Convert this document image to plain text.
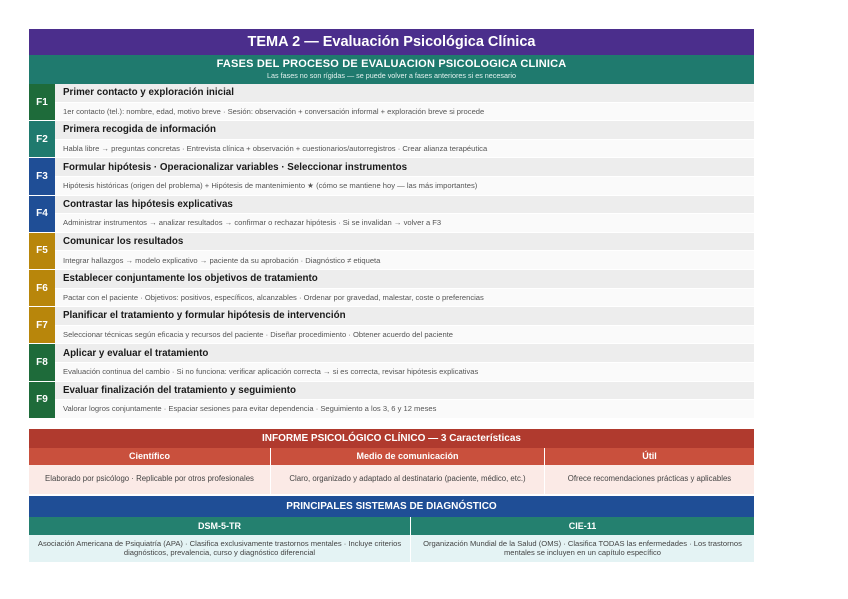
TEMA 2 — Evaluación Psicológica Clínica
FASES DEL PROCESO DE EVALUACION PSICOLOGICA CLINICA
Las fases no son rígidas — se puede volver a fases anteriores si es necesario
F1
Primer contacto y exploración inicial
1er contacto (tel.): nombre, edad, motivo breve · Sesión: observación + conversación informal + exploración breve si procede
F2
Primera recogida de información
Habla libre → preguntas concretas · Entrevista clínica + observación + cuestionarios/autorregistros · Crear alianza terapéutica
F3
Formular hipótesis · Operacionalizar variables · Seleccionar instrumentos
Hipótesis históricas (origen del problema) + Hipótesis de mantenimiento ★ (cómo se mantiene hoy — las más importantes)
F4
Contrastar las hipótesis explicativas
Administrar instrumentos → analizar resultados → confirmar o rechazar hipótesis · Si se invalidan → volver a F3
F5
Comunicar los resultados
Integrar hallazgos → modelo explicativo → paciente da su aprobación · Diagnóstico ≠ etiqueta
F6
Establecer conjuntamente los objetivos de tratamiento
Pactar con el paciente · Objetivos: positivos, específicos, alcanzables · Ordenar por gravedad, malestar, coste o preferencias
F7
Planificar el tratamiento y formular hipótesis de intervención
Seleccionar técnicas según eficacia y recursos del paciente · Diseñar procedimiento · Obtener acuerdo del paciente
F8
Aplicar y evaluar el tratamiento
Evaluación continua del cambio · Si no funciona: verificar aplicación correcta → si es correcta, revisar hipótesis explicativas
F9
Evaluar finalización del tratamiento y seguimiento
Valorar logros conjuntamente · Espaciar sesiones para evitar dependencia · Seguimiento a los 3, 6 y 12 meses
INFORME PSICOLÓGICO CLÍNICO — 3 Características
Científico	Medio de comunicación	Útil
Elaborado por psicólogo · Replicable por otros profesionales	Claro, organizado y adaptado al destinatario (paciente, médico, etc.)	Ofrece recomendaciones prácticas y aplicables
PRINCIPALES SISTEMAS DE DIAGNÓSTICO
DSM-5-TR	CIE-11
Asociación Americana de Psiquiatría (APA) · Clasifica exclusivamente trastornos mentales · Incluye criterios diagnósticos, prevalencia, curso y diagnóstico diferencial
Organización Mundial de la Salud (OMS) · Clasifica TODAS las enfermedades · Los trastornos mentales se incluyen en un capítulo específico
